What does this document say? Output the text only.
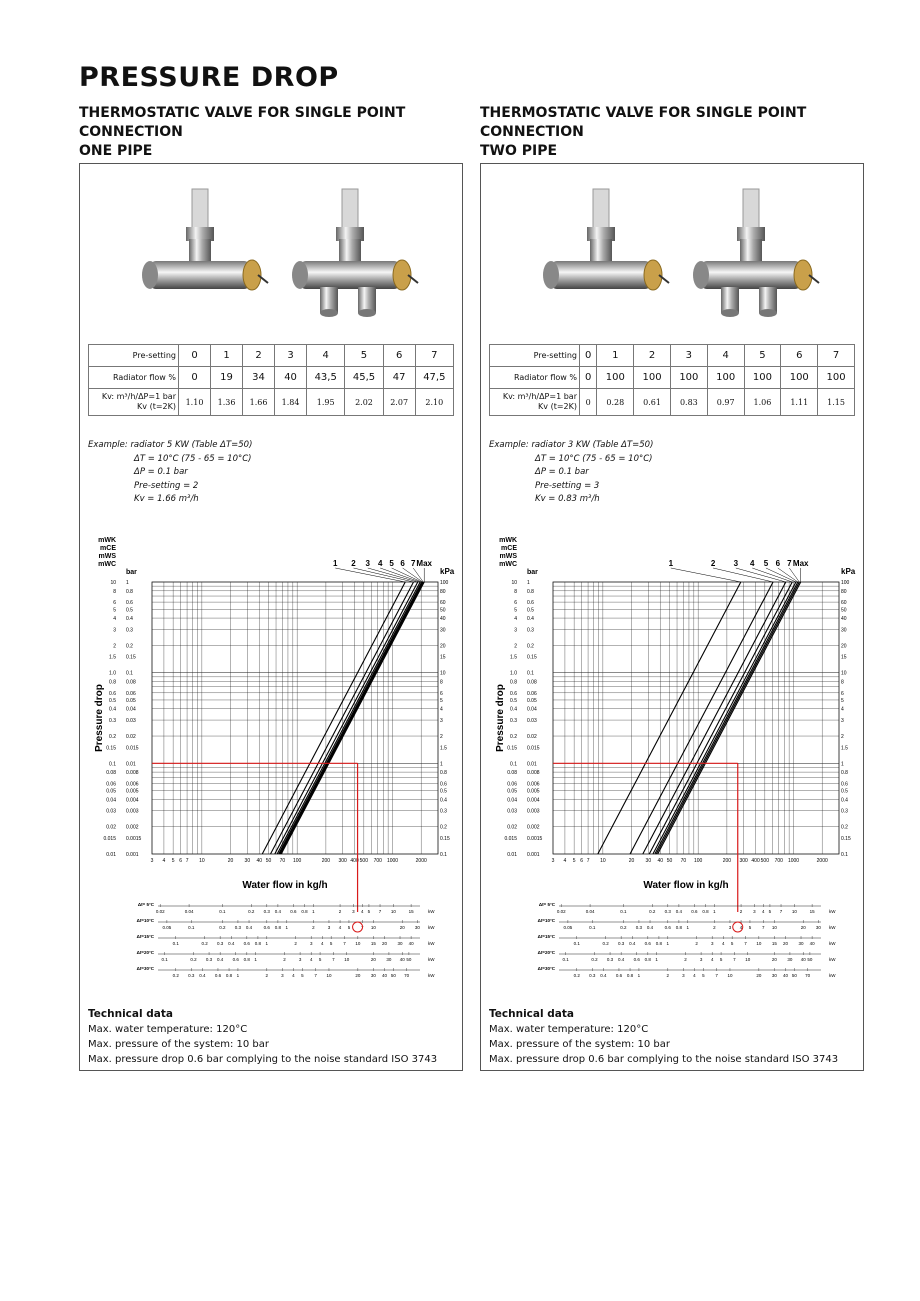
PRESSURE DROP
THERMOSTATIC VALVE FOR SINGLE POINT
CONNECTION
ONE PIPE
THERMOSTATIC VALVE FOR SINGLE POINT
CONNECTION
TWO PIPE
Pre-setting	0	1	2	3	4	5	6	7
Radiator flow %	0	19	34	40	43,5	45,5	47	47,5

Kv: m³/h/ΔP=1 bar
Kv (t=2K)	1.10	1.36	1.66	1.84	1.95	2.02	2.07	2.10
Example: radiator 5 KW (Table ΔT=50)
ΔT = 10°C (75 - 65 = 10°C)
ΔP = 0.1 bar
Pre-setting = 2
Kv = 1.66 m³/h
mWK
mCE
mWS
mWC
bar	kPa
Pressure drop
Water flow in kg/h
10 1	100
8 0.8	80
6 0.6	60
5 0.5	50
4 0.4	40
3 0.3	30
2 0.2	20
1.5 0.15	15
1.0 0.1	10
0.8 0.08	8
0.6 0.06	6
0.5 0.05	5
0.4 0.04	4
0.3 0.03	3
0.2 0.02	2
0.15 0.015	1.5
0.1 0.01	1
0.08 0.008	0.8
0.06 0.006	0.6
0.05 0.005	0.5
0.04 0.004	0.4
0.03 0.003	0.3
0.02 0.002	0.2
0.015 0.0015	0.15
0.01 0.001	0.1
3 4 5 6 7 10	20 30 40 50 70 100	200 300 400 500 700 1000	2000
1 2 3 4 5 6 7 Max
Δt= 5°C
0.02	0.04	0.1	0.2 0.3 0.4 0.6 0.8 1	2 3 4 5 7 10	15	kW
Δt=10°C
0.05	0.1	0.2 0.3 0.4	0.6 0.8 1	2	3 4 5 7 10	20 30 kW
Δt=15°C
0.1	0.2 0.3 0.4 0.6 0.8 1	2	3 4 5 7 10 15 20 30 40	kW
Δt=20°C
0.1	0.2 0.3 0.4 0.6 0.8 1	2	3 4 5 7 10	20 30 40 50	kW
Δt=30°C
0.2 0.3 0.4 0.6 0.8 1	2	3 4 5 7 10	20 30 40 50 70	kW
Technical data
Max. water temperature: 120°C
Max. pressure of the system: 10 bar
Max. pressure drop 0.6 bar complying to the noise standard ISO 3743
Pre-setting	0	1	2	3	4	5	6	7
Radiator flow %	0	100	100	100	100	100	100	100

Kv: m³/h/ΔP=1 bar
Kv (t=2K)	0	0.28	0.61	0.83	0.97	1.06	1.11	1.15
Example: radiator 3 KW (Table ΔT=50)
ΔT = 10°C (75 - 65 = 10°C)
ΔP = 0.1 bar
Pre-setting = 3
Kv = 0.83 m³/h
mWK
mCE
mWS
mWC
bar	kPa
Pressure drop
Water flow in kg/h
10 1	100
8 0.8	80
6 0.6	60
5 0.5	50
4 0.4	40
3 0.3	30
2 0.2	20
1.5 0.15	15
1.0 0.1	10
0.8 0.08	8
0.6 0.06	6
0.5 0.05	5
0.4 0.04	4
0.3 0.03	3
0.2 0.02	2
0.15 0.015	1.5
0.1 0.01	1
0.08 0.008	0.8
0.06 0.006	0.6
0.05 0.005	0.5
0.04 0.004	0.4
0.03 0.003	0.3
0.02 0.002	0.2
0.015 0.0015	0.15
0.01 0.001	0.1
3 4 5 6 7 10	20 30 40 50 70 100	200 300 400 500 700 1000	2000
1	2 3 4 5 6 7 Max
Δt= 5°C
0.02	0.04	0.1	0.2 0.3 0.4 0.6 0.8 1	2 3 4 5 7 10	15	kW
Δt=10°C
0.05	0.1	0.2 0.3 0.4	0.6 0.8 1	2	3 4 5 7 10	20 30 kW
Δt=15°C
0.1	0.2 0.3 0.4 0.6 0.8 1	2	3 4 5 7 10 15 20 30 40	kW
Δt=20°C
0.1	0.2 0.3 0.4 0.6 0.8 1	2	3 4 5 7 10	20 30 40 50	kW
Δt=30°C
0.2 0.3 0.4 0.6 0.8 1	2	3 4 5 7 10	20 30 40 50 70	kW
Technical data
Max. water temperature: 120°C
Max. pressure of the system: 10 bar
Max. pressure drop 0.6 bar complying to the noise standard ISO 3743
